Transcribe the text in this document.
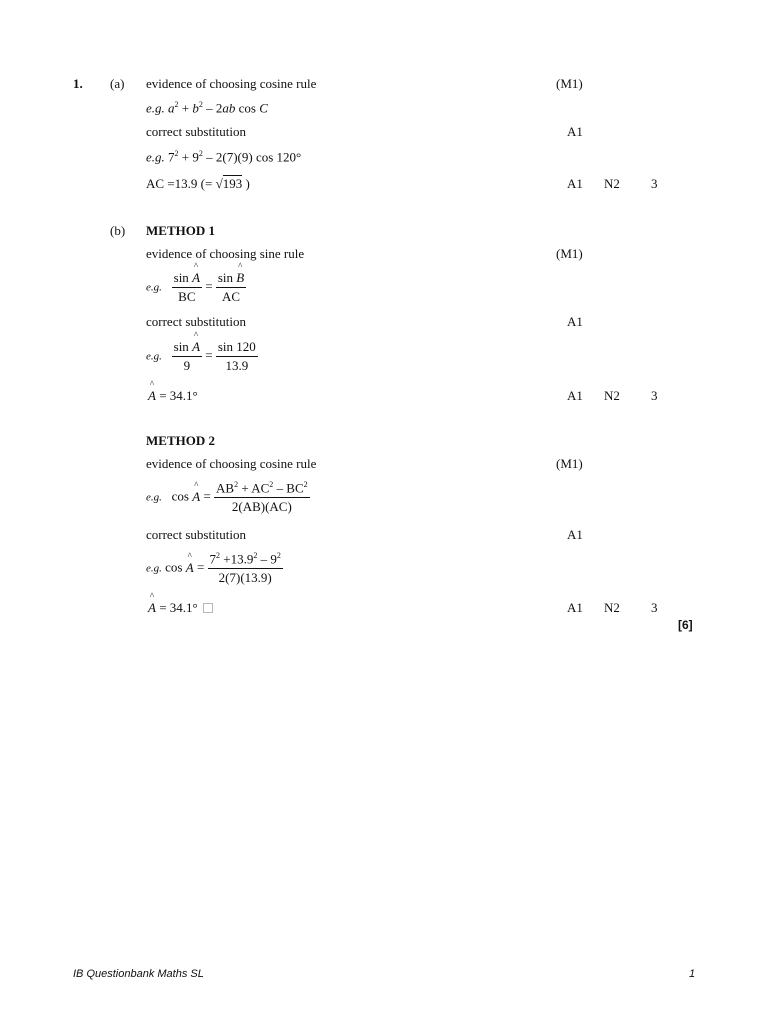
1. (a) evidence of choosing cosine rule	(M1)
e.g. $a^2 + b^2 - 2ab$ cos C
correct substitution	A1
e.g. $7^2 + 9^2 - 2(7)(9)$ cos 120°
AC =13.9 (= √193 )	A1 N2 3
(b) METHOD 1
evidence of choosing sine rule	(M1)
e.g. $\frac{\sin \^{} A}{BC} = \frac{\sin \^{} B}{AC}$
correct substitution	A1
e.g. $\frac{\sin \^{} A}{9} = \frac{\sin 120}{13.9}$
^ A = 34.1°	A1 N2 3
METHOD 2
evidence of choosing cosine rule	(M1)
e.g. cos ^ $A = \frac{AB^2 + AC^2 - BC^2}{2(AB)(AC)}$
correct substitution	A1
e.g. cos ^ $A = \frac{7^2 +13.9^2 - 9^2}{2(7)(13.9)}$
^ A = 34.1°	A1 N2 3
[6]
IB Questionbank Maths SL	1
